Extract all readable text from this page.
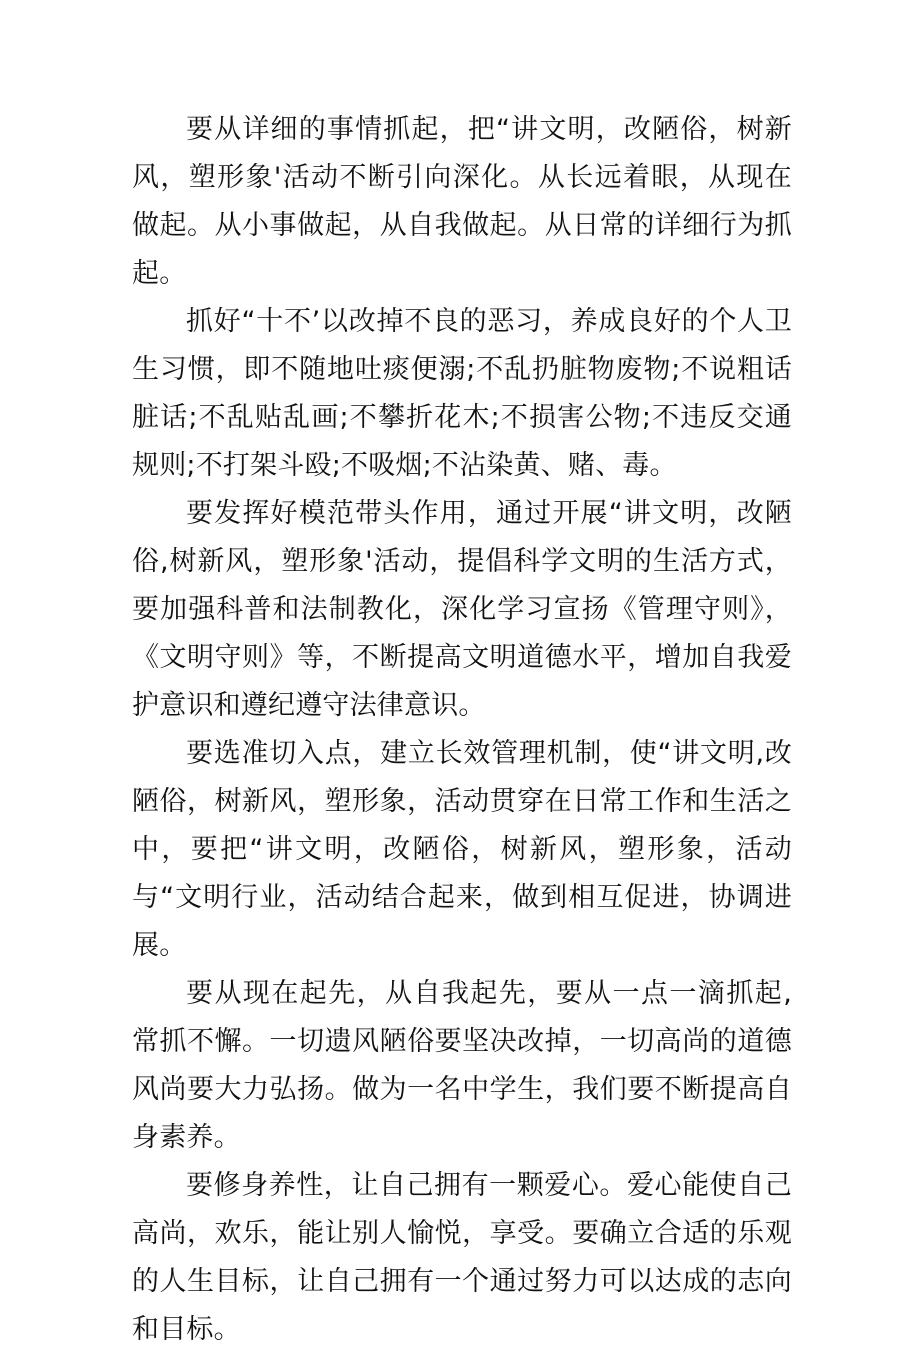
要从详细的事情抓起，把“讲文明，改陋俗，树新风，塑形象'活动不断引向深化。从长远着眼，从现在做起。从小事做起，从自我做起。从日常的详细行为抓起。

抓好“十不’以改掉不良的恶习，养成良好的个人卫生习惯，即不随地吐痰便溺;不乱扔脏物废物;不说粗话脏话;不乱贴乱画;不攀折花木;不损害公物;不违反交通规则;不打架斗殴;不吸烟;不沾染黄、赌、毒。

要发挥好模范带头作用，通过开展“讲文明，改陋俗,树新风，塑形象'活动，提倡科学文明的生活方式，要加强科普和法制教化，深化学习宣扬《管理守则》，《文明守则》等，不断提高文明道德水平，增加自我爱护意识和遵纪遵守法律意识。

要选准切入点，建立长效管理机制，使“讲文明,改陋俗，树新风，塑形象，活动贯穿在日常工作和生活之中，要把“讲文明，改陋俗，树新风，塑形象，活动与“文明行业，活动结合起来，做到相互促进，协调进展。

要从现在起先，从自我起先，要从一点一滴抓起,常抓不懈。一切遗风陋俗要坚决改掉，一切高尚的道德风尚要大力弘扬。做为一名中学生，我们要不断提高自身素养。

要修身养性，让自己拥有一颗爱心。爱心能使自己高尚，欢乐，能让别人愉悦，享受。要确立合适的乐观的人生目标，让自己拥有一个通过努力可以达成的志向和目标。
